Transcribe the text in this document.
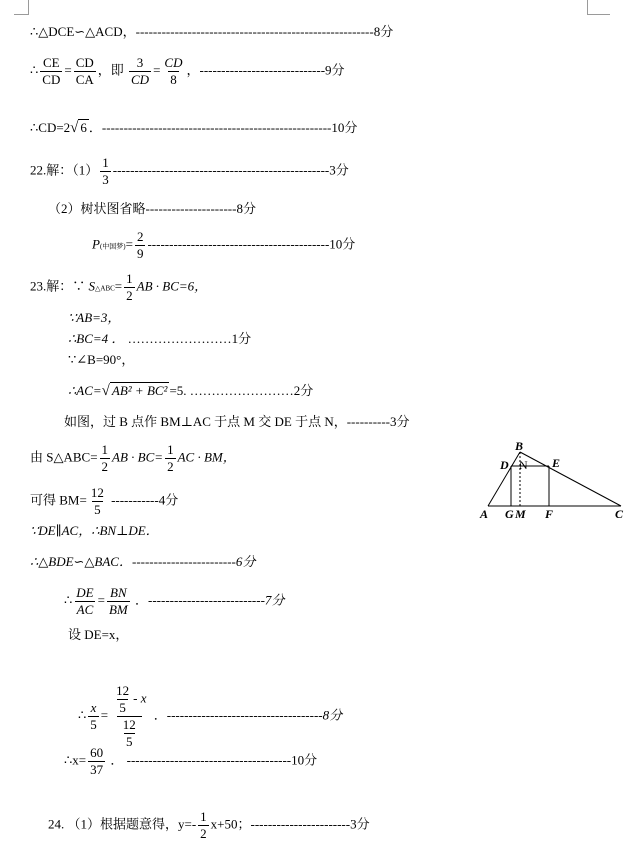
∴△DCE∽△ACD，-------------------------------------------------------8分
∴ $\frac{CE}{CD} = \frac{CD}{CA}$ ，即 $\frac{3}{CD} = \frac{CD}{8}$ ，-----------------------------9分
∴CD=2√ 6 ．-----------------------------------------------------10分
22.解：$(1) \frac{1}{3} --------------------------------------------------3$分
（2）树状图省略---------------------8分
P(中国梦)= $\frac{2}{9} ------------------------------------------10$分
23.解：∵ S△ABC= $\frac{1}{2}$ AB · BC=6，
∵AB=3，
∴BC=4 ． ……………………1分
∵∠B=90°，
∴AC=√ AB² + BC² =5. ……………………2分
如图，过 B 点作 BM⊥AC 于点 M 交 DE 于点 N，----------3分
由 S△ABC= $\frac{1}{2}$ AB · $BC= \frac{1}{2}$ AC · BM，
可得 $BM= \frac{12}{5} -----------4$分
∵DE∥AC，∴BN⊥DE．
∴△BDE∽△BAC．------------------------6分
∴ $\frac{DE}{AC} = \frac{BN}{BM}$ ．---------------------------7分
设 DE=x，
∴ $\frac{x}{5} = \frac{\frac{12}{5} - x}{\frac{12}{5}}$ ．------------------------------------8分
∴x= $\frac{60}{37}$ ． --------------------------------------10分
24. （1）根据题意得，$y=- \frac{1}{2} x+50$；-----------------------3分
B
D N E
A G M F	C
